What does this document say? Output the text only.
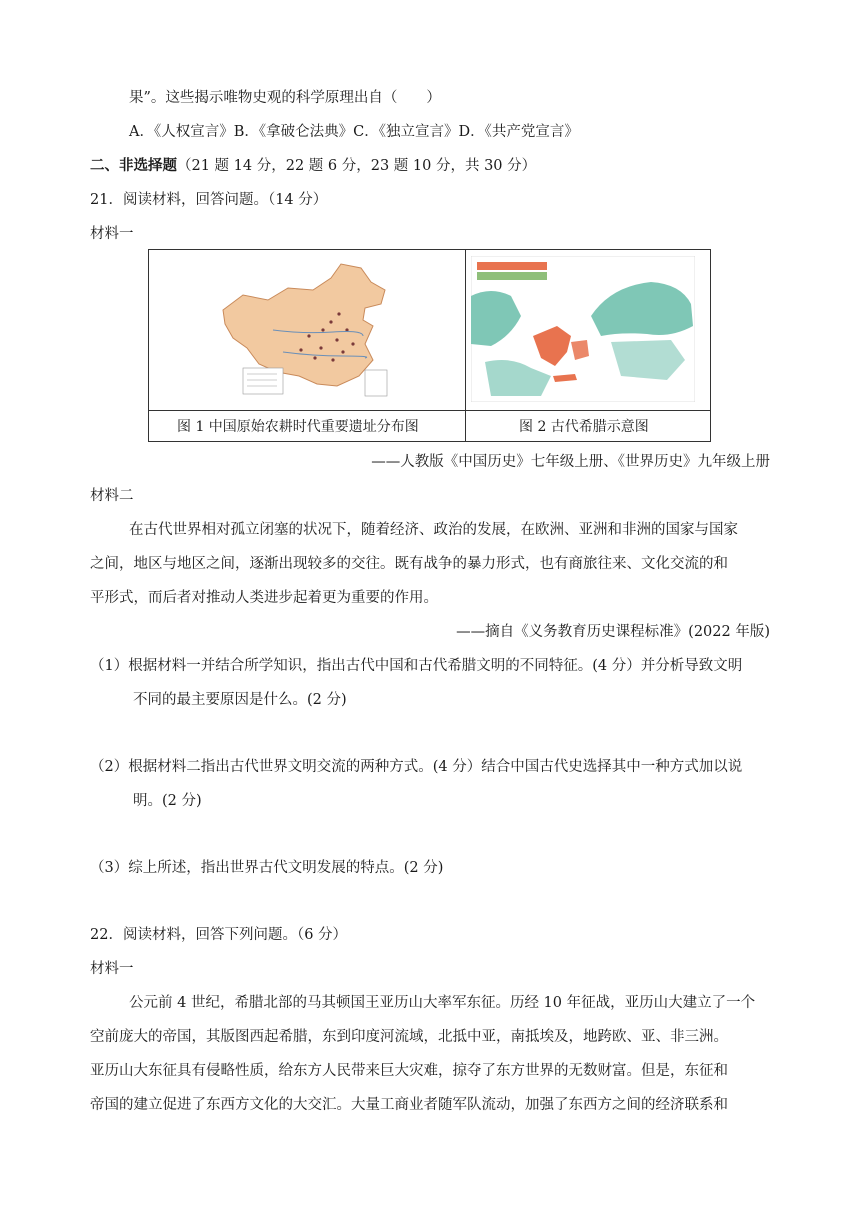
果”。这些揭示唯物史观的科学原理出自（　　）
A．《人权宣言》B．《拿破仑法典》C．《独立宣言》D．《共产党宣言》
二、非选择题（21 题 14 分，22 题 6 分，23 题 10 分，共 30 分）
21．阅读材料，回答问题。（14 分）
材料一
图 1 中国原始农耕时代重要遗址分布图	图 2 古代希腊示意图
——人教版《中国历史》七年级上册、《世界历史》九年级上册
材料二
在古代世界相对孤立闭塞的状况下，随着经济、政治的发展，在欧洲、亚洲和非洲的国家与国家
之间，地区与地区之间，逐渐出现较多的交往。既有战争的暴力形式，也有商旅往来、文化交流的和
平形式，而后者对推动人类进步起着更为重要的作用。
——摘自《义务教育历史课程标准》(2022 年版)
（1）根据材料一并结合所学知识，指出古代中国和古代希腊文明的不同特征。(4 分）并分析导致文明
不同的最主要原因是什么。(2 分)
（2）根据材料二指出古代世界文明交流的两种方式。(4 分）结合中国古代史选择其中一种方式加以说
明。(2 分)
（3）综上所述，指出世界古代文明发展的特点。(2 分)
22．阅读材料，回答下列问题。（6 分）
材料一
公元前 4 世纪，希腊北部的马其顿国王亚历山大率军东征。历经 10 年征战，亚历山大建立了一个
空前庞大的帝国，其版图西起希腊，东到印度河流域，北抵中亚，南抵埃及，地跨欧、亚、非三洲。
亚历山大东征具有侵略性质，给东方人民带来巨大灾难，掠夺了东方世界的无数财富。但是，东征和
帝国的建立促进了东西方文化的大交汇。大量工商业者随军队流动，加强了东西方之间的经济联系和
